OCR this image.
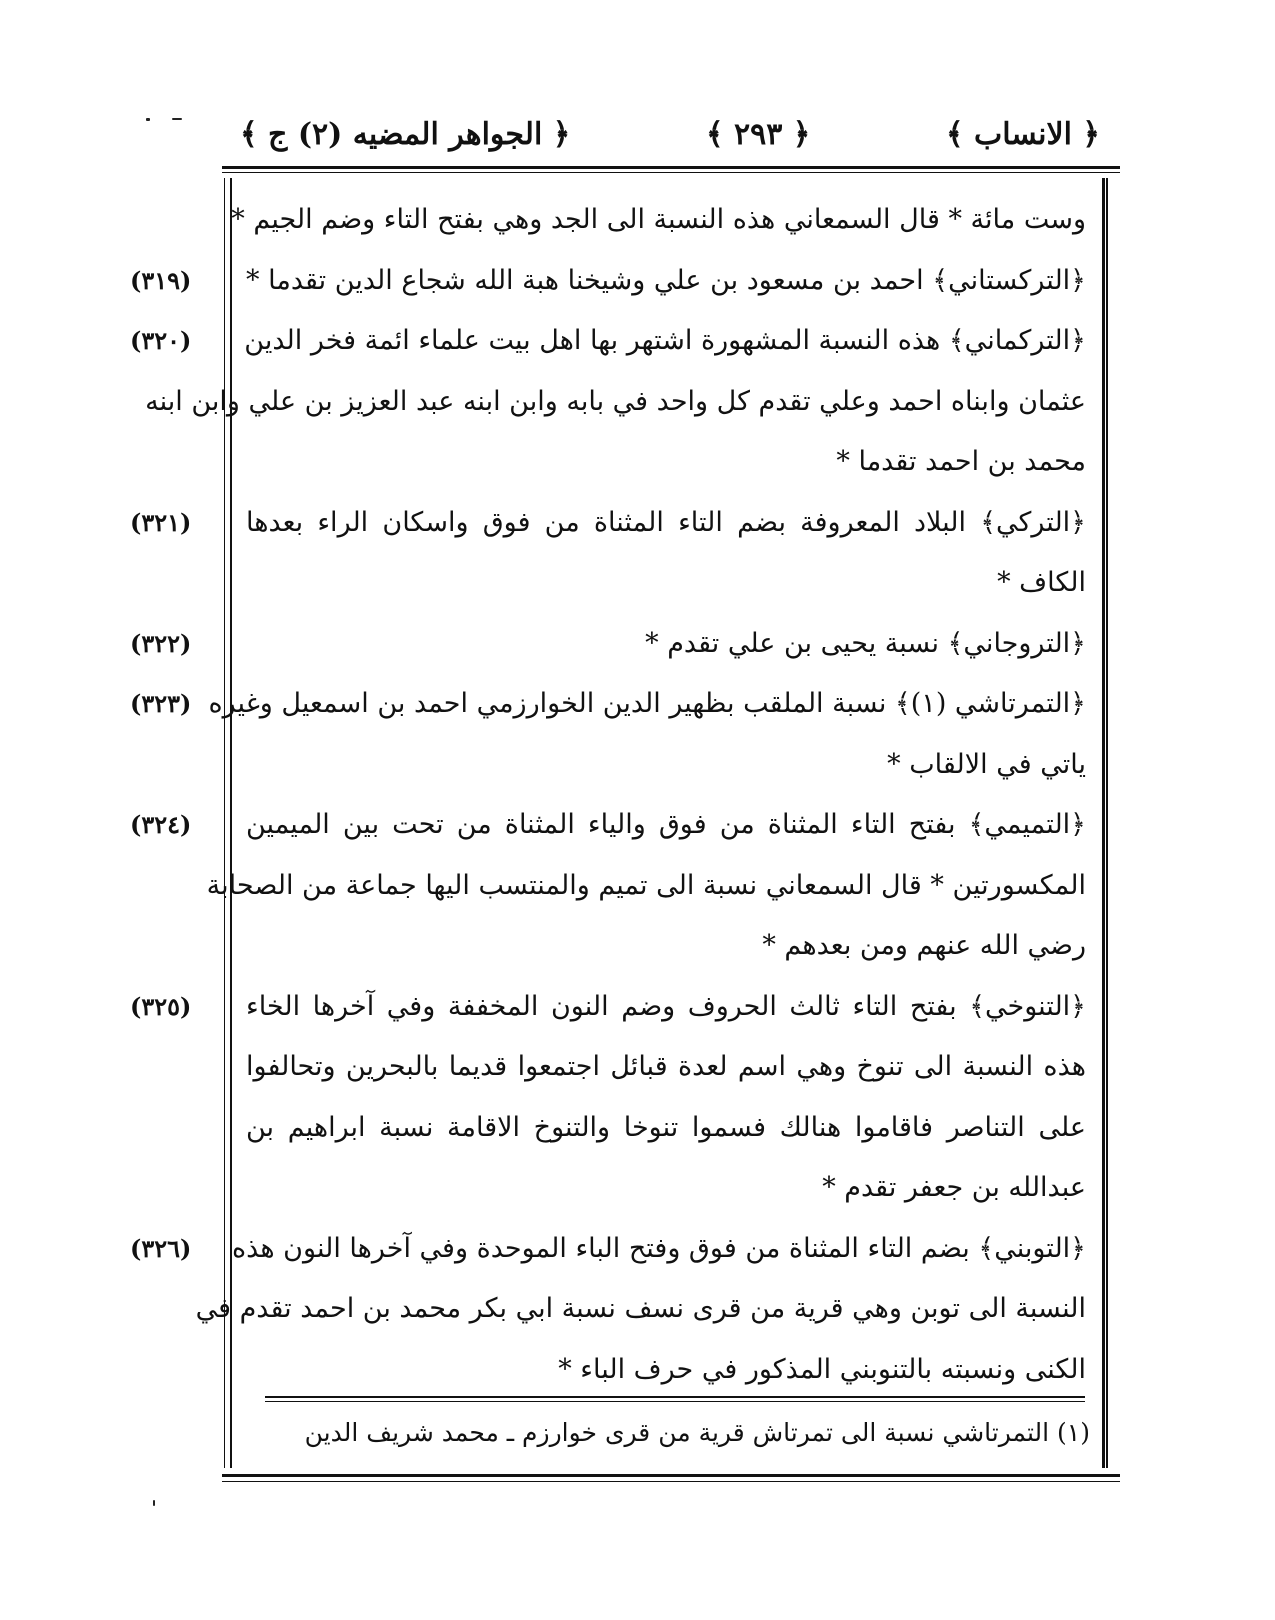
﴿ الانساب ﴾
﴿ ٢٩٣ ﴾
﴿ الجواهر المضيه (٢) ج ﴾
وست مائة * قال السمعاني هذه النسبة الى الجد وهي بفتح التاء وضم الجيم *
﴿التركستاني﴾ احمد بن مسعود بن علي وشيخنا هبة الله شجاع الدين تقدما *
﴿التركماني﴾ هذه النسبة المشهورة اشتهر بها اهل بيت علماء ائمة فخر الدين
عثمان وابناه احمد وعلي تقدم كل واحد في بابه وابن ابنه عبد العزيز بن علي وابن ابنه
محمد بن احمد تقدما *
﴿التركي﴾ البلاد المعروفة بضم التاء المثناة من فوق واسكان الراء بعدها
الكاف *
﴿التروجاني﴾ نسبة يحيى بن علي تقدم *
﴿التمرتاشي (١)﴾ نسبة الملقب بظهير الدين الخوارزمي احمد بن اسمعيل وغيره
ياتي في الالقاب *
﴿التميمي﴾ بفتح التاء المثناة من فوق والياء المثناة من تحت بين الميمين
المكسورتين * قال السمعاني نسبة الى تميم والمنتسب اليها جماعة من الصحابة
رضي الله عنهم ومن بعدهم *
﴿التنوخي﴾ بفتح التاء ثالث الحروف وضم النون المخففة وفي آخرها الخاء
هذه النسبة الى تنوخ وهي اسم لعدة قبائل اجتمعوا قديما بالبحرين وتحالفوا
على التناصر فاقاموا هنالك فسموا تنوخا والتنوخ الاقامة نسبة ابراهيم بن
عبدالله بن جعفر تقدم *
﴿التوبني﴾ بضم التاء المثناة من فوق وفتح الباء الموحدة وفي آخرها النون هذه
النسبة الى توبن وهي قرية من قرى نسف نسبة ابي بكر محمد بن احمد تقدم في
الكنى ونسبته بالتنوبني المذكور في حرف الباء *
(٣١٩)
(٣٢٠)
(٣٢١)
(٣٢٢)
(٣٢٣)
(٣٢٤)
(٣٢٥)
(٣٢٦)
(١) التمرتاشي نسبة الى تمرتاش قرية من قرى خوارزم ـ محمد شريف الدين
